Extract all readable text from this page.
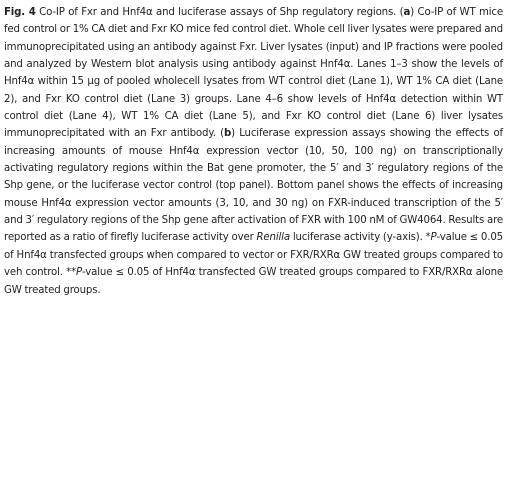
Fig. 4 Co-IP of Fxr and Hnf4α and luciferase assays of Shp regulatory regions. (a) Co-IP of WT mice fed control or 1% CA diet and Fxr KO mice fed control diet. Whole cell liver lysates were prepared and immunoprecipitated using an antibody against Fxr. Liver lysates (input) and IP fractions were pooled and analyzed by Western blot analysis using antibody against Hnf4α. Lanes 1–3 show the levels of Hnf4α within 15 μg of pooled wholecell lysates from WT control diet (Lane 1), WT 1% CA diet (Lane 2), and Fxr KO control diet (Lane 3) groups. Lane 4–6 show levels of Hnf4α detection within WT control diet (Lane 4), WT 1% CA diet (Lane 5), and Fxr KO control diet (Lane 6) liver lysates immunoprecipitated with an Fxr antibody. (b) Luciferase expression assays showing the effects of increasing amounts of mouse Hnf4α expression vector (10, 50, 100 ng) on transcriptionally activating regulatory regions within the Bat gene promoter, the 5′ and 3′ regulatory regions of the Shp gene, or the luciferase vector control (top panel). Bottom panel shows the effects of increasing mouse Hnf4α expression vector amounts (3, 10, and 30 ng) on FXR-induced transcription of the 5′ and 3′ regulatory regions of the Shp gene after activation of FXR with 100 nM of GW4064. Results are reported as a ratio of firefly luciferase activity over Renilla luciferase activity (y-axis). *P-value ≤ 0.05 of Hnf4α transfected groups when compared to vector or FXR/RXRα GW treated groups compared to veh control. **P-value ≤ 0.05 of Hnf4α transfected GW treated groups compared to FXR/RXRα alone GW treated groups.
